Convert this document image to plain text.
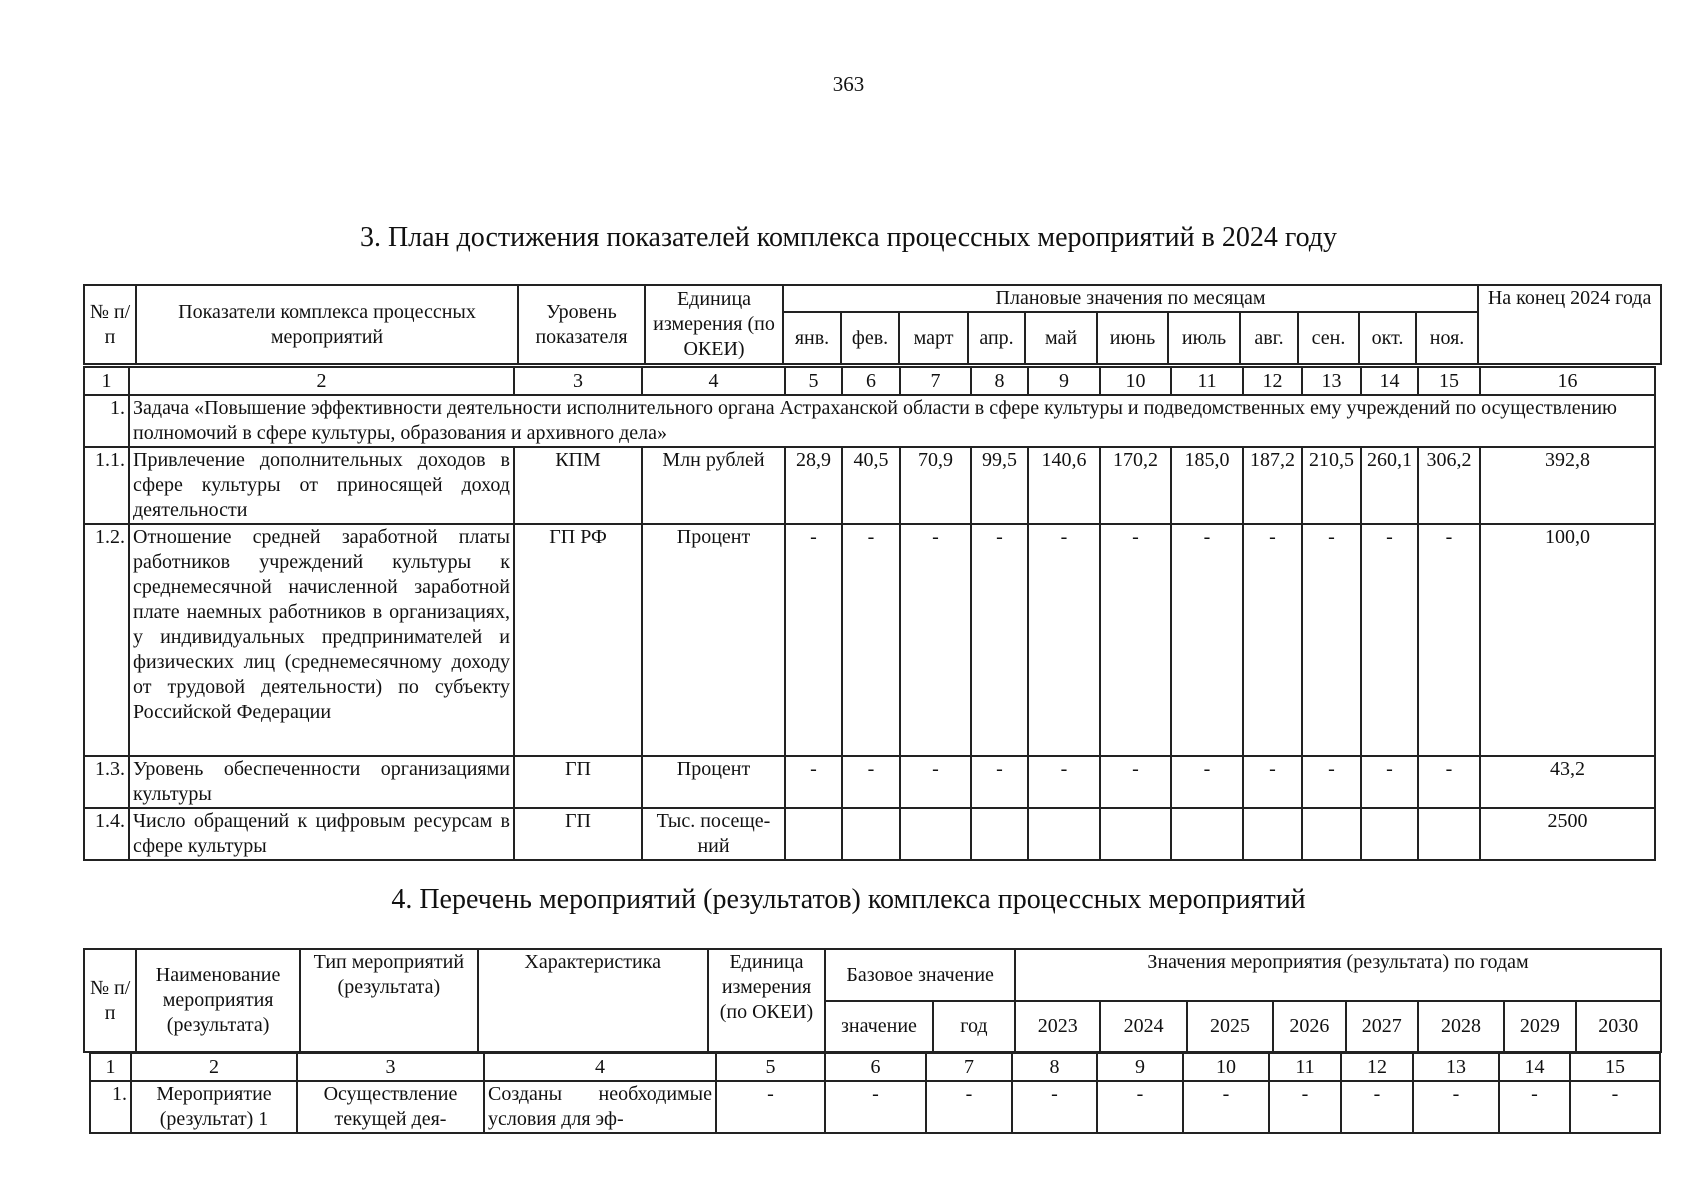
363
3. План достижения показателей комплекса процессных мероприятий в 2024 году
№ п/п	Показатели комплекса процессных мероприятий	Уровень показателя	Единица измерения (по ОКЕИ)	Плановые значения по месяцам											На конец 2024 года
				янв.	фев.	март	апр.	май	июнь	июль	авг.	сен.	окт.	ноя.	
1	2	3	4	5	6	7	8	9	10	11	12	13	14	15	16
1.	Задача «Повышение эффективности деятельности исполнительного органа Астраханской области в сфере культуры и подведомственных ему учреждений по осуществлению полномочий в сфере культуры, образования и архивного дела»														
1.1.	Привлечение дополнительных доходов в сфере культуры от приносящей доход деятельности	КПМ	Млн рублей	28,9	40,5	70,9	99,5	140,6	170,2	185,0	187,2	210,5	260,1	306,2	392,8
1.2.	Отношение средней заработной платы работников учреждений культуры к среднемесячной начисленной заработной плате наемных работников в организациях, у индивидуальных предпринимателей и физических лиц (среднемесячному доходу от трудовой деятельности) по субъекту Российской Федерации	ГП РФ	Процент	-	-	-	-	-	-	-	-	-	-	-	100,0
1.3.	Уровень обеспеченности организациями культуры	ГП	Процент	-	-	-	-	-	-	-	-	-	-	-	43,2
1.4.	Число обращений к цифровым ресурсам в сфере культуры	ГП	Тыс. посещений												2500
4. Перечень мероприятий (результатов) комплекса процессных мероприятий
№ п/п	Наименование мероприятия (результата)	Тип мероприятий (результата)	Характеристика	Единица измерения (по ОКЕИ)	Базовое значение		Значения мероприятия (результата) по годам							
					значение	год	2023	2024	2025	2026	2027	2028	2029	2030
1	2	3	4	5	6	7	8	9	10	11	12	13	14	15
1.	Мероприятие (результат) 1	Осуществление текущей дея-	Созданы необходимые условия для эф-	-	-	-	-	-	-	-	-	-	-	-
